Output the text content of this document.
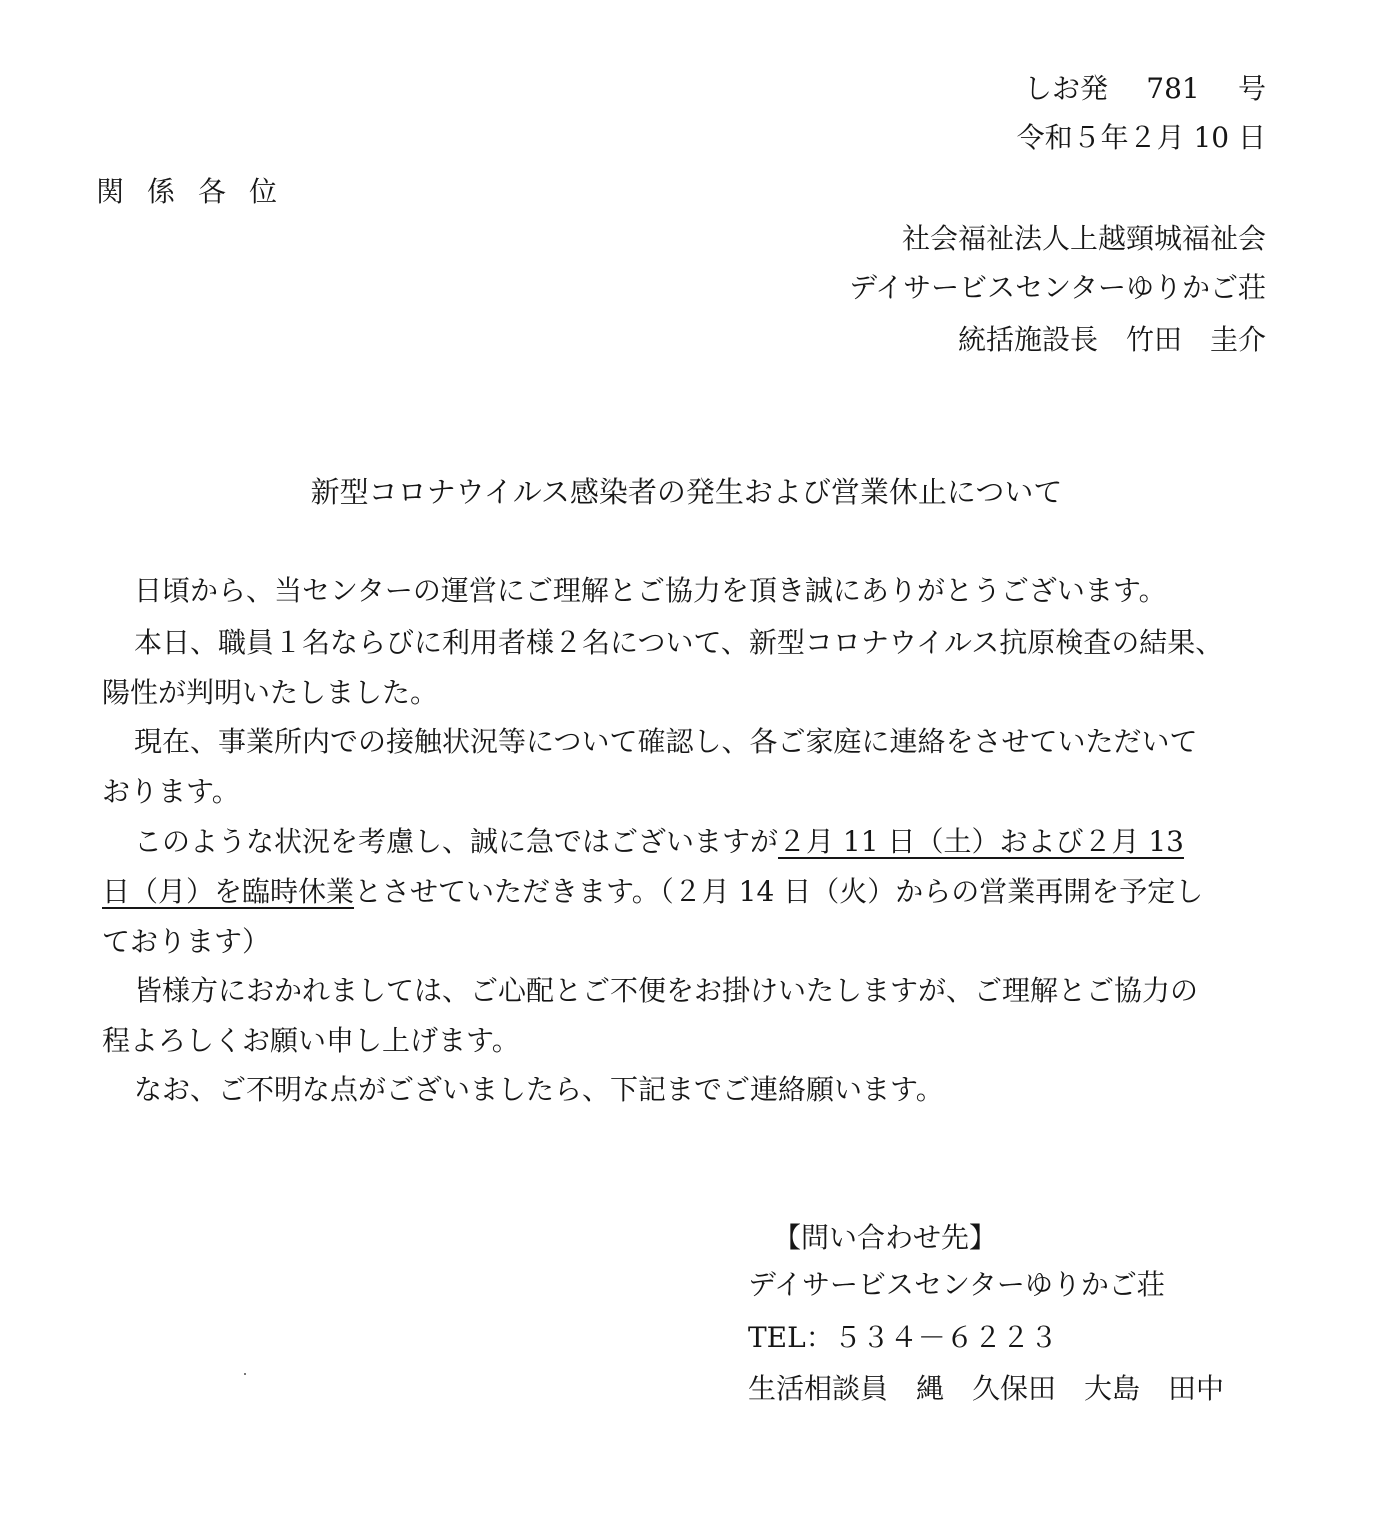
しお発 781 号
令和５年２月 10 日
関係各位
社会福祉法人上越頸城福祉会
デイサービスセンターゆりかご荘
統括施設長　竹田　圭介
新型コロナウイルス感染者の発生および営業休止について
日頃から、当センターの運営にご理解とご協力を頂き誠にありがとうございます。
本日、職員１名ならびに利用者様２名について、新型コロナウイルス抗原検査の結果、
陽性が判明いたしました。
現在、事業所内での接触状況等について確認し、各ご家庭に連絡をさせていただいて
おります。
このような状況を考慮し、誠に急ではございますが２月 11 日（土）および２月 13
日（月）を臨時休業とさせていただきます。（２月 14 日（火）からの営業再開を予定し
ております）
皆様方におかれましては、ご心配とご不便をお掛けいたしますが、ご理解とご協力の
程よろしくお願い申し上げます。
なお、ご不明な点がございましたら、下記までご連絡願います。
【問い合わせ先】
デイサービスセンターゆりかご荘
TEL：５３４－６２２３
生活相談員　縄　久保田　大島　田中
